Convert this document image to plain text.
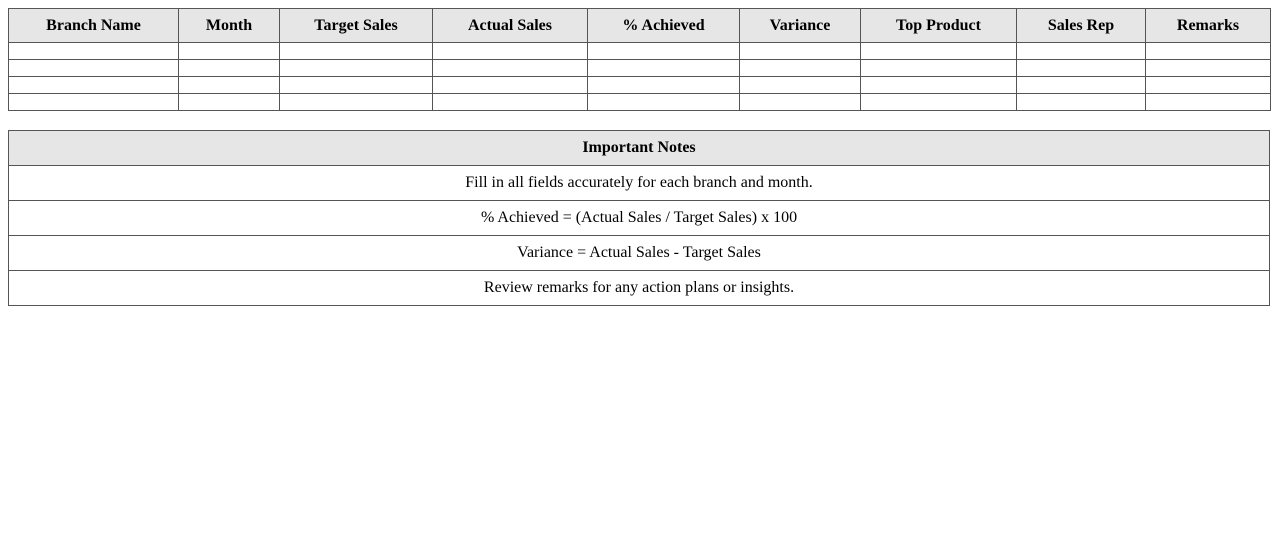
Branch Name	Month	Target Sales	Actual Sales	% Achieved	Variance	Top Product	Sales Rep	Remarks

Important Notes
Fill in all fields accurately for each branch and month.
% Achieved = (Actual Sales / Target Sales) x 100
Variance = Actual Sales - Target Sales
Review remarks for any action plans or insights.
